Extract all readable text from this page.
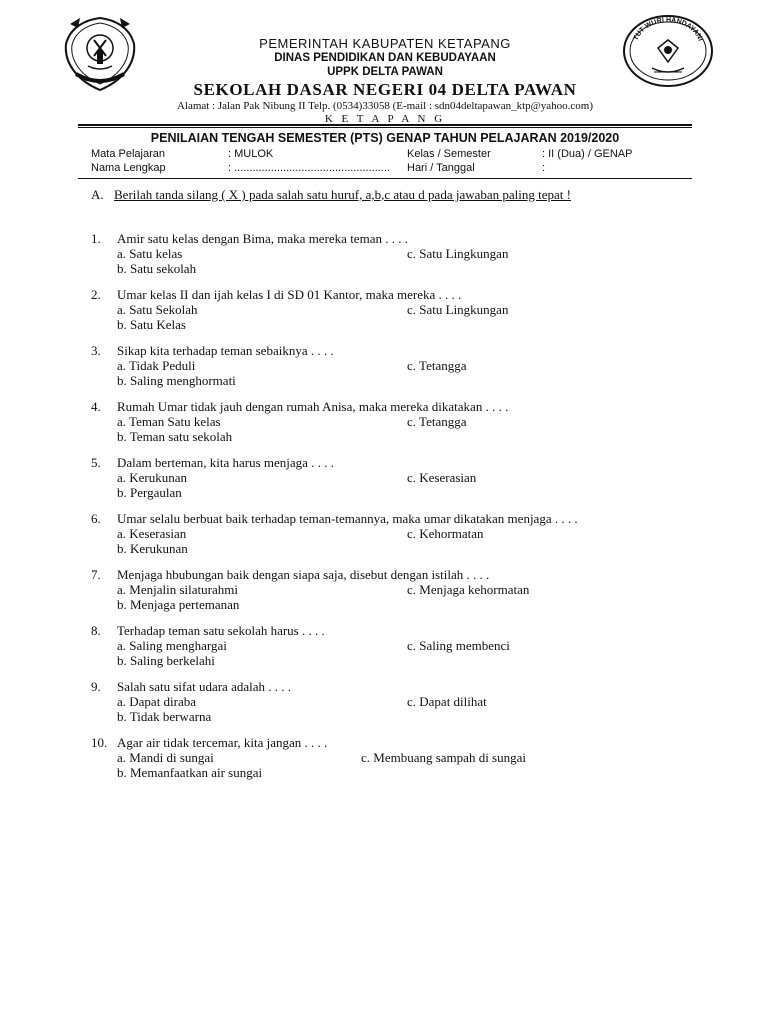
TUT WURI HANDAYANI
PEMERINTAH KABUPATEN KETAPANG
DINAS PENDIDIKAN DAN KEBUDAYAAN
UPPK DELTA PAWAN
SEKOLAH DASAR NEGERI 04 DELTA PAWAN
Alamat : Jalan Pak Nibung II Telp. (0534)33058 (E-mail : sdn04deltapawan_ktp@yahoo.com)
K E T A P A N G
PENILAIAN TENGAH SEMESTER (PTS) GENAP TAHUN PELAJARAN 2019/2020
Mata Pelajaran	: MULOK	Kelas / Semester	: II (Dua) / GENAP
Nama Lengkap	: ................................................... Hari / Tanggal	:
A. Berilah tanda silang ( X ) pada salah satu huruf, a,b,c atau d pada jawaban paling tepat !
1. Amir satu kelas dengan Bima, maka mereka teman . . . .
a. Satu kelas	c. Satu Lingkungan
b. Satu sekolah
2. Umar kelas II dan ijah kelas I di SD 01 Kantor, maka mereka . . . .
a. Satu Sekolah	c. Satu Lingkungan
b. Satu Kelas
3. Sikap kita terhadap teman sebaiknya . . . .
a. Tidak Peduli	c. Tetangga
b. Saling menghormati
4. Rumah Umar tidak jauh dengan rumah Anisa, maka mereka dikatakan . . . .
a. Teman Satu kelas	c. Tetangga
b. Teman satu sekolah
5. Dalam berteman, kita harus menjaga . . . .
a. Kerukunan	c. Keserasian
b. Pergaulan
6. Umar selalu berbuat baik terhadap teman-temannya, maka umar dikatakan menjaga . . . .
a. Keserasian	c. Kehormatan
b. Kerukunan
7. Menjaga hbubungan baik dengan siapa saja, disebut dengan istilah . . . .
a. Menjalin silaturahmi	c. Menjaga kehormatan
b. Menjaga pertemanan
8. Terhadap teman satu sekolah harus . . . .
a. Saling menghargai	c. Saling membenci
b. Saling berkelahi
9. Salah satu sifat udara adalah . . . .
a. Dapat diraba	c. Dapat dilihat
b. Tidak berwarna
10. Agar air tidak tercemar, kita jangan . . . .
a. Mandi di sungai	c. Membuang sampah di sungai
b. Memanfaatkan air sungai
